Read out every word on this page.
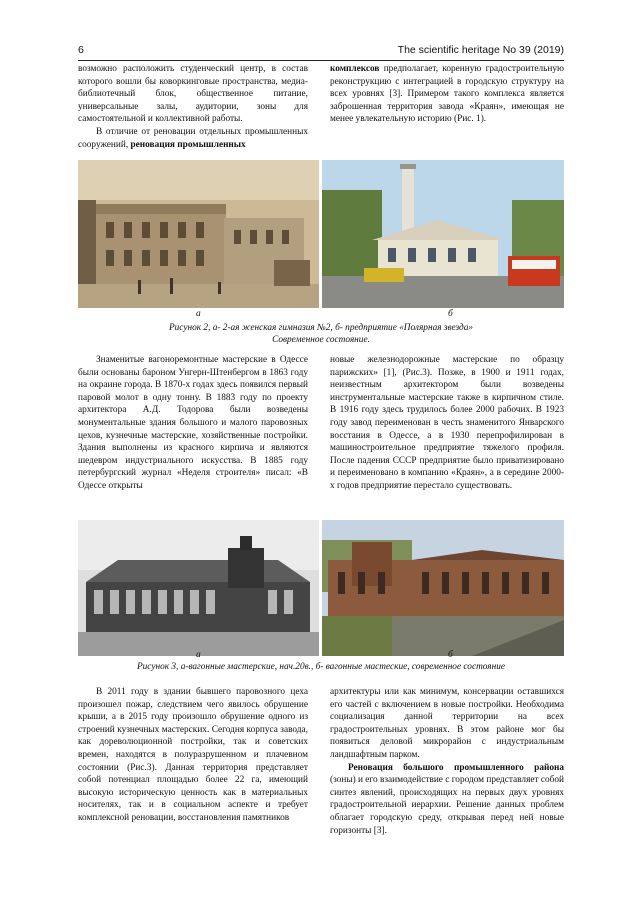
6	The scientific heritage No 39 (2019)

возможно расположить студенческий центр, в состав которого вошли бы коворкинговые пространства, медиа-библиотечный блок, общественное питание, универсальные залы, аудитории, зоны для самостоятельной и коллективной работы.

В отличие от реновации отдельных промышленных сооружений, реновация промышленных

комплексов предполагает, коренную градостроительную реконструкцию с интеграцией в городскую структуру на всех уровнях [3]. Примером такого комплекса является заброшенная территория завода «Краян», имеющая не менее увлекательную историю (Рис. 1).

а	б
Рисунок 2, а- 2-ая женская гимназия №2, б- предприятие «Полярная звезда»
Современное состояние.

Знаменитые вагоноремонтные мастерские в Одессе были основаны бароном Унгерн-Штенбергом в 1863 году на окраине города. В 1870-х годах здесь появился первый паровой молот в одну тонну. В 1883 году по проекту архитектора А.Д. Тодорова были возведены монументальные здания большого и малого паровозных цехов, кузнечные мастерские, хозяйственные постройки. Здания выполнены из красного кирпича и являются шедевром индустриального искусства. В 1885 году петербургский журнал «Неделя строителя» писал: «В Одессе открыты

новые железнодорожные мастерские по образцу парижских» [1], (Рис.3). Позже, в 1900 и 1911 годах, неизвестным архитектором были возведены инструментальные мастерские также в кирпичном стиле. В 1916 году здесь трудилось более 2000 рабочих. В 1923 году завод переименован в честь знаменитого Январского восстания в Одессе, а в 1930 перепрофилирован в машиностроительное предприятие тяжелого профиля. После падения СССР предприятие было приватизировано и переименовано в компанию «Краян», а в середине 2000-х годов предприятие перестало существовать.

а	б
Рисунок 3, а-вагонные мастерские, нач.20в., б- вагонные мастеские, современное состояние

В 2011 году в здании бывшего паровозного цеха произошел пожар, следствием чего явилось обрушение крыши, а в 2015 году произошло обрушение одного из строений кузнечных мастерских. Сегодня корпуса завода, как дореволюционной постройки, так и советских времен, находятся в полуразрушенном и плачевном состоянии (Рис.3). Данная территория представляет собой потенциал площадью более 22 га, имеющий высокую историческую ценность как в материальных носителях, так и в социальном аспекте и требует комплексной реновации, восстановления памятников

архитектуры или как минимум, консервации оставшихся его частей с включением в новые постройки. Необходима социализация данной территории на всех градостроительных уровнях. В этом районе мог бы появиться деловой микрорайон с индустриальным ландшафтным парком.

Реновация большого промышленного района (зоны) и его взаимодействие с городом представляет собой синтез явлений, происходящих на первых двух уровнях градостроительной иерархии. Решение данных проблем облагает городскую среду, открывая перед ней новые горизонты [3].
